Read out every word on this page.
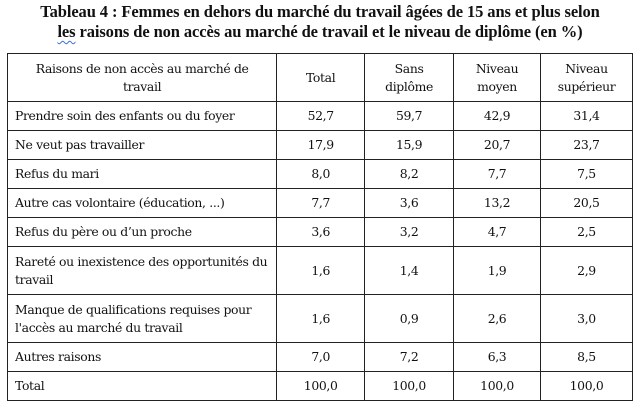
Tableau 4 : Femmes en dehors du marché du travail âgées de 15 ans et plus selon
les raisons de non accès au marché de travail et le niveau de diplôme (en %)
Raisons de non accès au marché de travail	Total	Sans diplôme	Niveau moyen	Niveau supérieur
Prendre soin des enfants ou du foyer	52,7	59,7	42,9	31,4
Ne veut pas travailler	17,9	15,9	20,7	23,7
Refus du mari	8,0	8,2	7,7	7,5
Autre cas volontaire (éducation, ...)	7,7	3,6	13,2	20,5
Refus du père ou d’un proche	3,6	3,2	4,7	2,5
Rareté ou inexistence des opportunités du travail	1,6	1,4	1,9	2,9
Manque de qualifications requises pour l'accès au marché du travail	1,6	0,9	2,6	3,0
Autres raisons	7,0	7,2	6,3	8,5
Total	100,0	100,0	100,0	100,0
